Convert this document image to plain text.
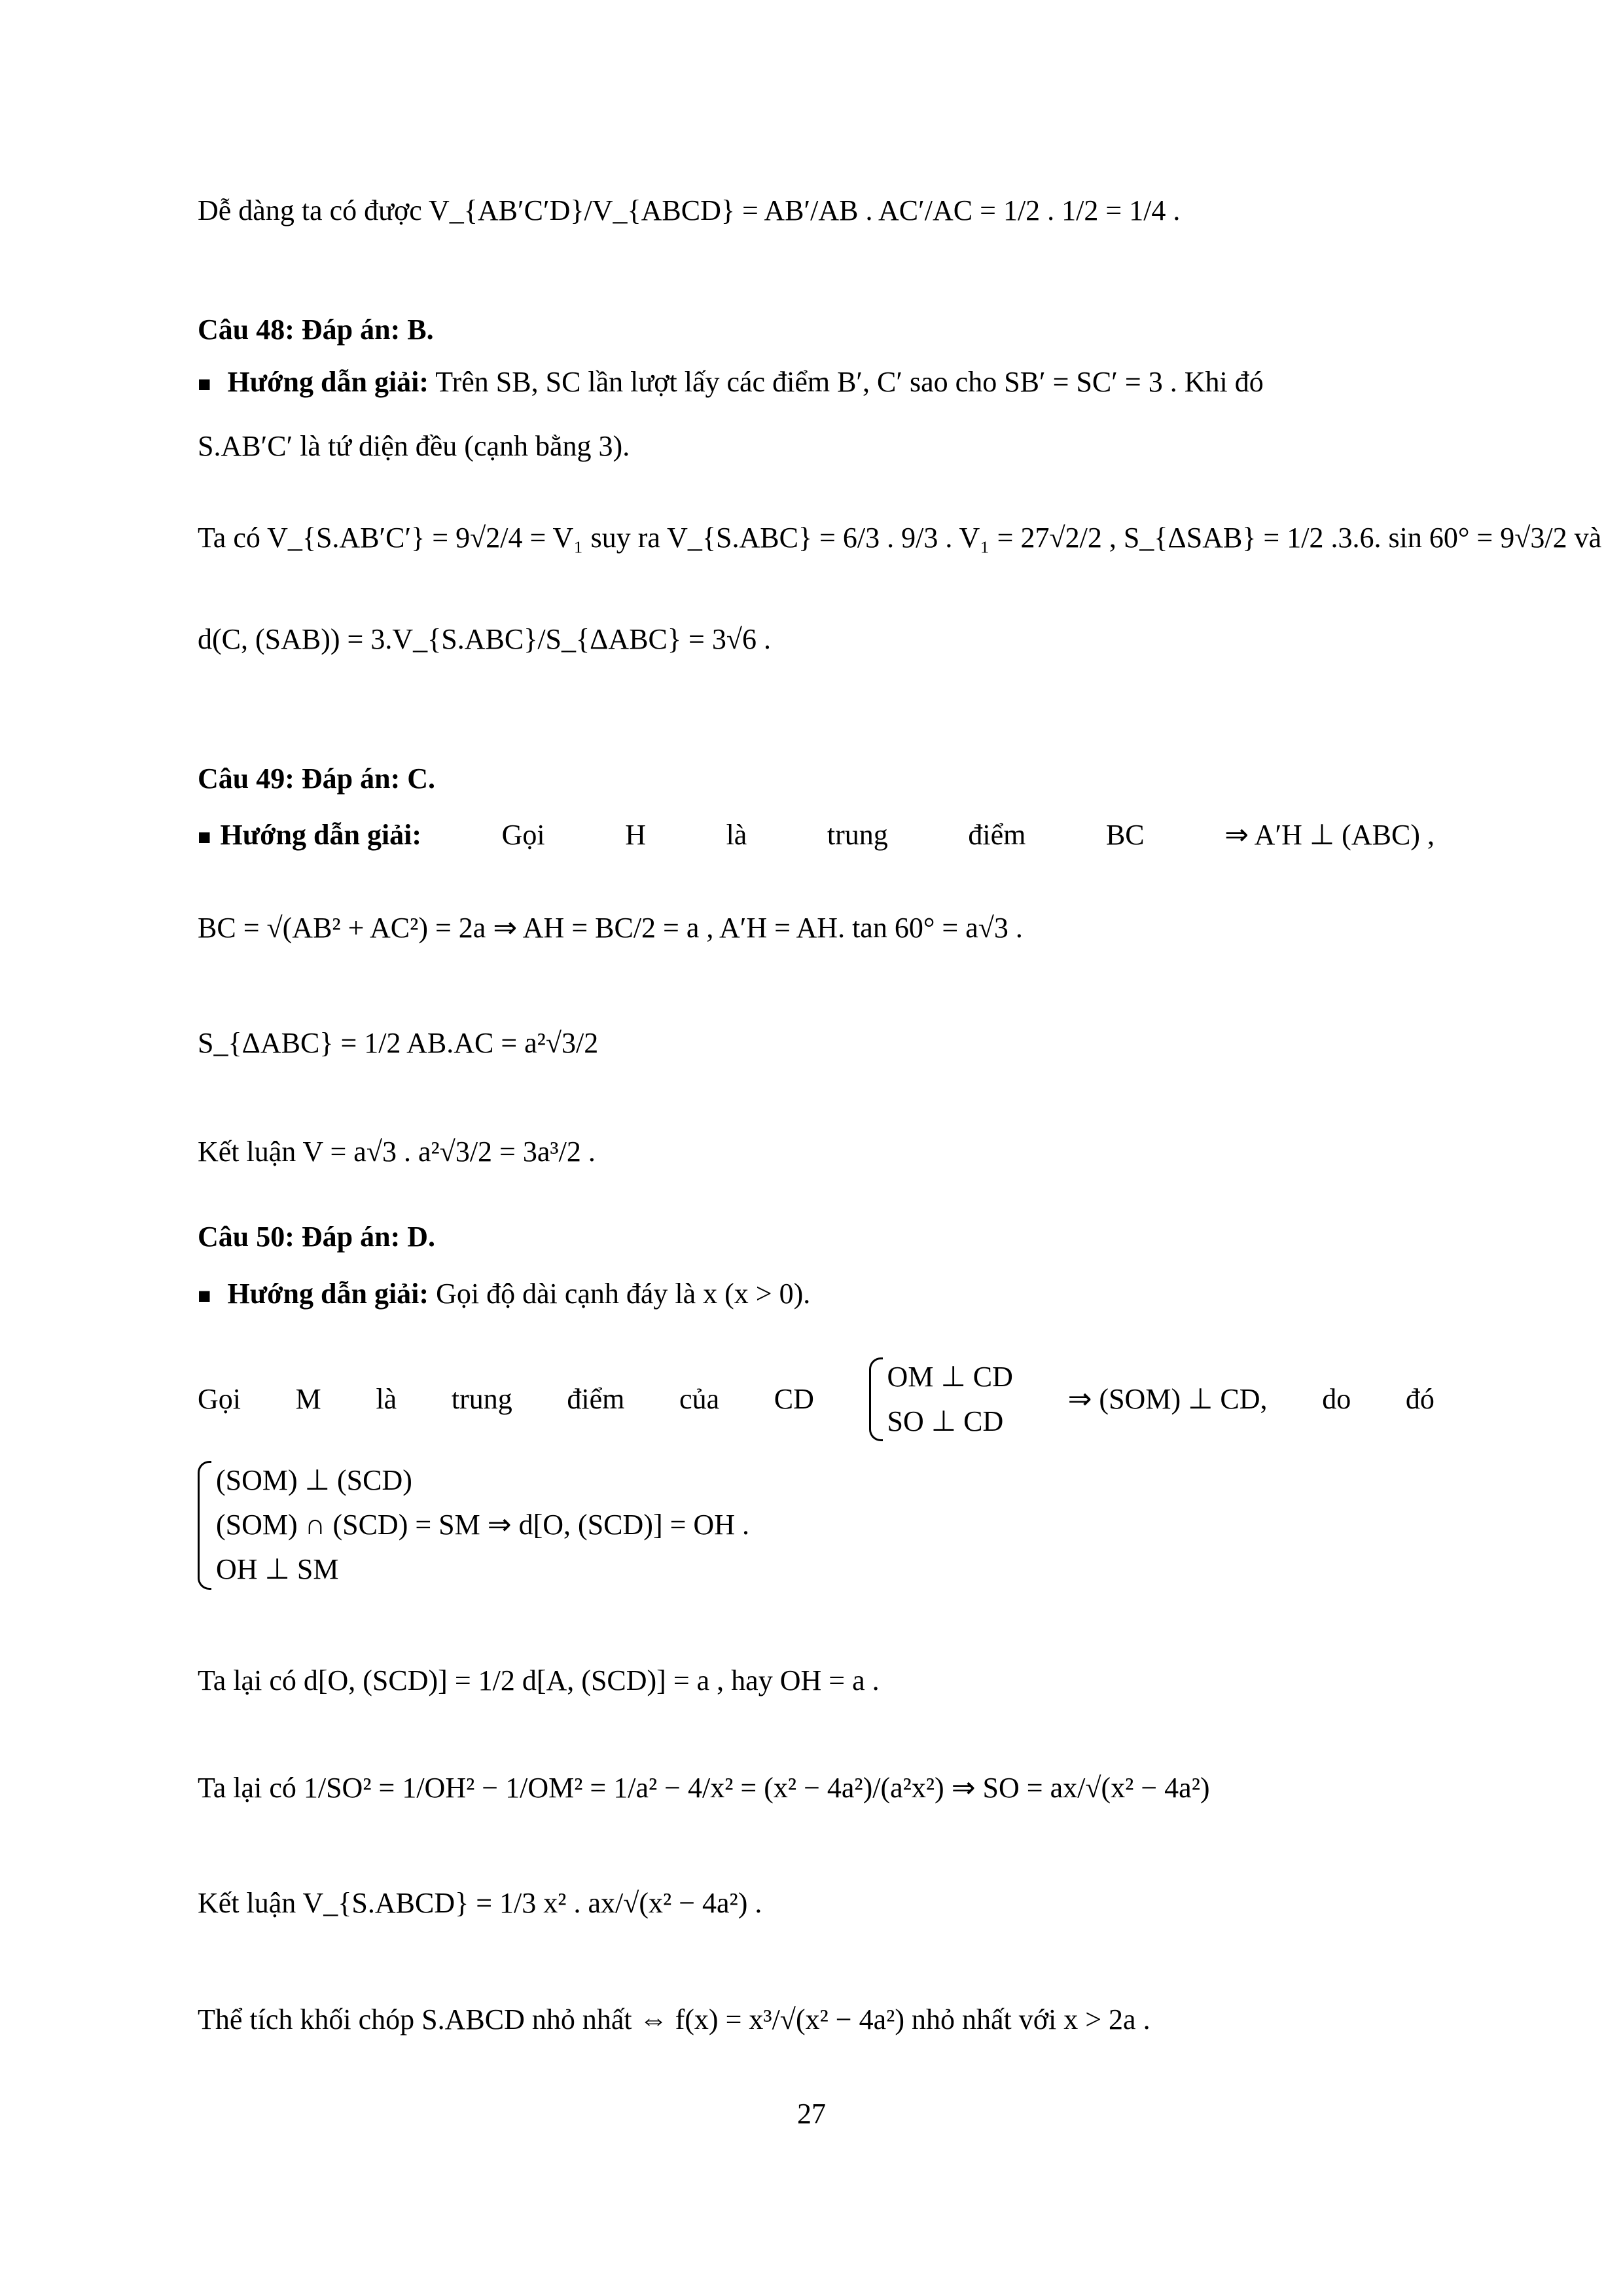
Dễ dàng ta có được V_{AB′C′D}/V_{ABCD} = AB′/AB . AC′/AC = 1/2 . 1/2 = 1/4 .
Câu 48: Đáp án: B.
■ Hướng dẫn giải: Trên SB, SC lần lượt lấy các điểm B′, C′ sao cho SB′ = SC′ = 3 . Khi đó
S.AB′C′ là tứ diện đều (cạnh bằng 3).
Ta có V_{S.AB′C′} = 9√2/4 = V₁ suy ra V_{S.ABC} = 6/3 . 9/3 . V₁ = 27√2/2 , S_{ΔSAB} = 1/2 .3.6. sin 60° = 9√3/2 và
d(C, (SAB)) = 3.V_{S.ABC}/S_{ΔABC} = 3√6 .
Câu 49: Đáp án: C.
■ Hướng dẫn giải:	Gọi	H	là	trung	điểm	BC	⇒ A′H ⊥ (ABC) ,
BC = √(AB² + AC²) = 2a ⇒ AH = BC/2 = a , A′H = AH. tan 60° = a√3 .
S_{ΔABC} = 1/2 AB.AC = a²√3/2
Kết luận V = a√3 . a²√3/2 = 3a³/2 .
Câu 50: Đáp án: D.
■ Hướng dẫn giải: Gọi độ dài cạnh đáy là x (x > 0).
Gọi M là trung điểm của CD
OM ⊥ CD
SO ⊥ CD
⇒ (SOM) ⊥ CD, do đó
(SOM) ⊥ (SCD)
(SOM) ∩ (SCD) = SM ⇒ d[O, (SCD)] = OH .
OH ⊥ SM
Ta lại có d[O, (SCD)] = 1/2 d[A, (SCD)] = a , hay OH = a .
Ta lại có 1/SO² = 1/OH² − 1/OM² = 1/a² − 4/x² = (x² − 4a²)/(a²x²) ⇒ SO = ax/√(x² − 4a²)
Kết luận V_{S.ABCD} = 1/3 x² . ax/√(x² − 4a²) .
Thể tích khối chóp S.ABCD nhỏ nhất ⇔ f(x) = x³/√(x² − 4a²) nhỏ nhất với x > 2a .
27
